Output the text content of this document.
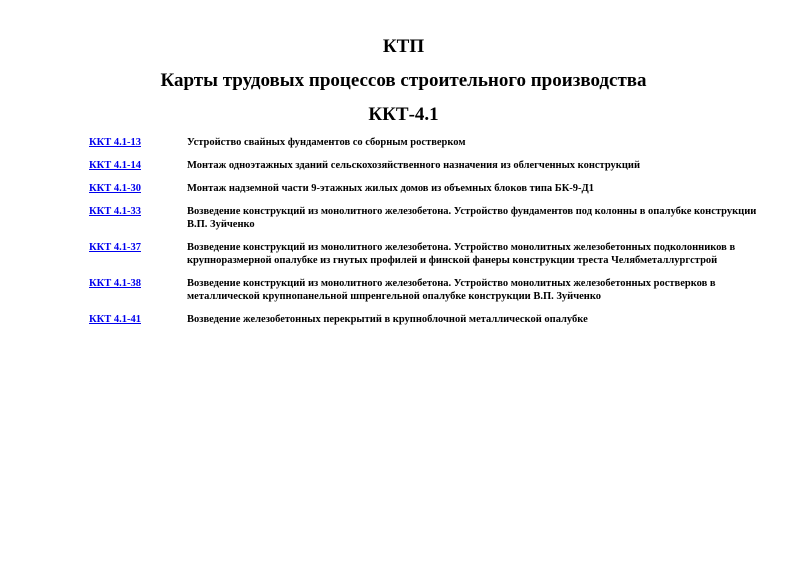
КТП
Карты трудовых процессов строительного производства
ККТ-4.1
ККТ 4.1-13	Устройство свайных фундаментов со сборным ростверком
ККТ 4.1-14	Монтаж одноэтажных зданий сельскохозяйственного назначения из облегченных конструкций
ККТ 4.1-30	Монтаж надземной части 9-этажных жилых домов из объемных блоков типа БК-9-Д1
ККТ 4.1-33	Возведение конструкций из монолитного железобетона. Устройство фундаментов под колонны в опалубке конструкции В.П. Зуйченко
ККТ 4.1-37	Возведение конструкций из монолитного железобетона. Устройство монолитных железобетонных подколонников в крупноразмерной опалубке из гнутых профилей и финской фанеры конструкции треста Челябметаллургстрой
ККТ 4.1-38	Возведение конструкций из монолитного железобетона. Устройство монолитных железобетонных ростверков в металлической крупнопанельной шпренгельной опалубке конструкции В.П. Зуйченко
ККТ 4.1-41	Возведение железобетонных перекрытий в крупноблочной металлической опалубке
